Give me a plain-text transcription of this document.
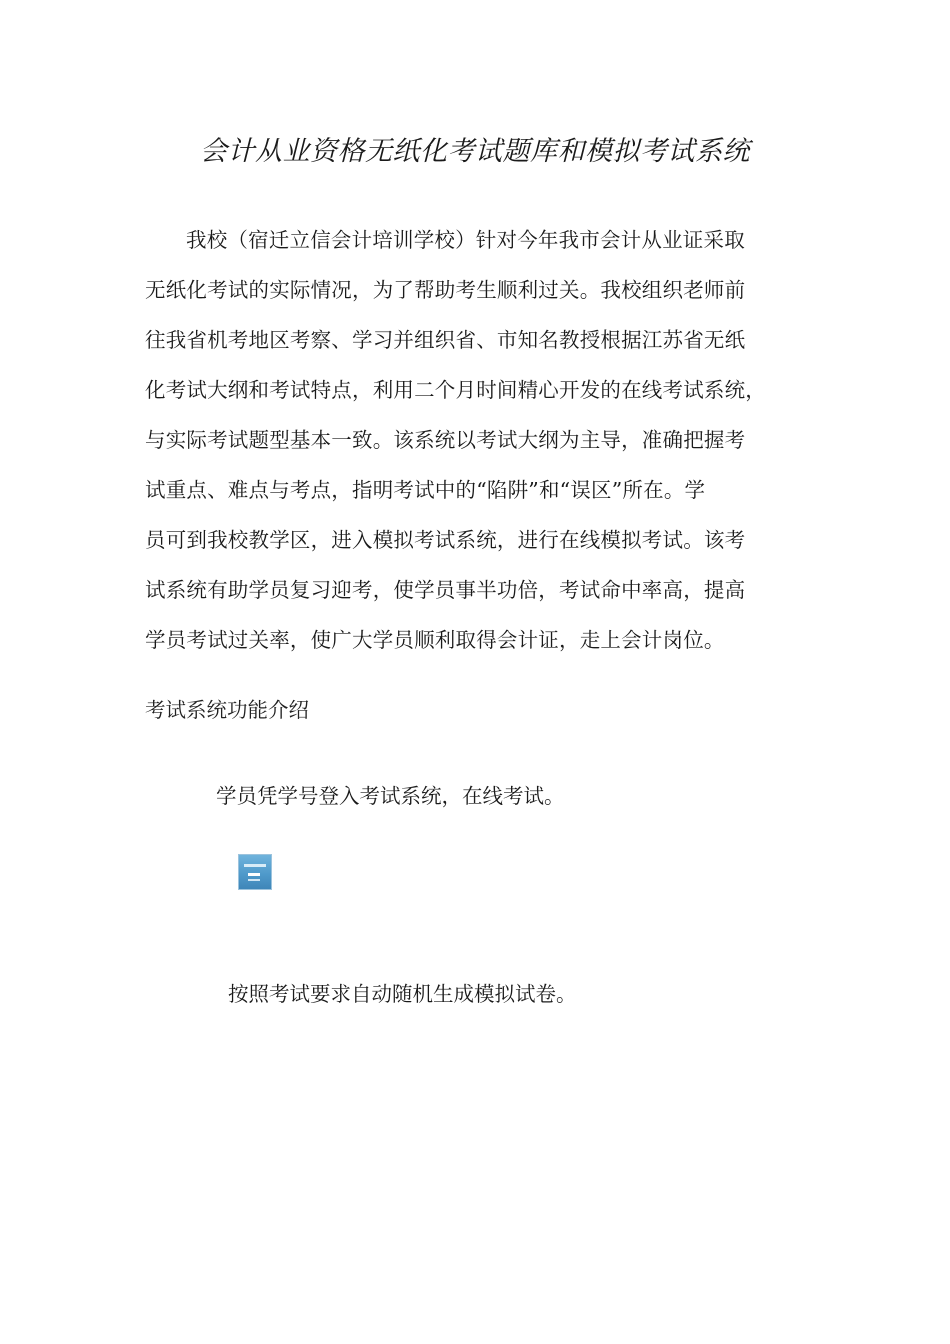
会计从业资格无纸化考试题库和模拟考试系统
我校（宿迁立信会计培训学校）针对今年我市会计从业证采取
无纸化考试的实际情况，为了帮助考生顺利过关。我校组织老师前
往我省机考地区考察、学习并组织省、市知名教授根据江苏省无纸
化考试大纲和考试特点，利用二个月时间精心开发的在线考试系统，
与实际考试题型基本一致。该系统以考试大纲为主导，准确把握考
试重点、难点与考点，指明考试中的“陷阱”和“误区”所在。学
员可到我校教学区，进入模拟考试系统，进行在线模拟考试。该考
试系统有助学员复习迎考，使学员事半功倍，考试命中率高，提高
学员考试过关率，使广大学员顺利取得会计证，走上会计岗位。
考试系统功能介绍

学员凭学号登入考试系统，在线考试。

按照考试要求自动随机生成模拟试卷。
